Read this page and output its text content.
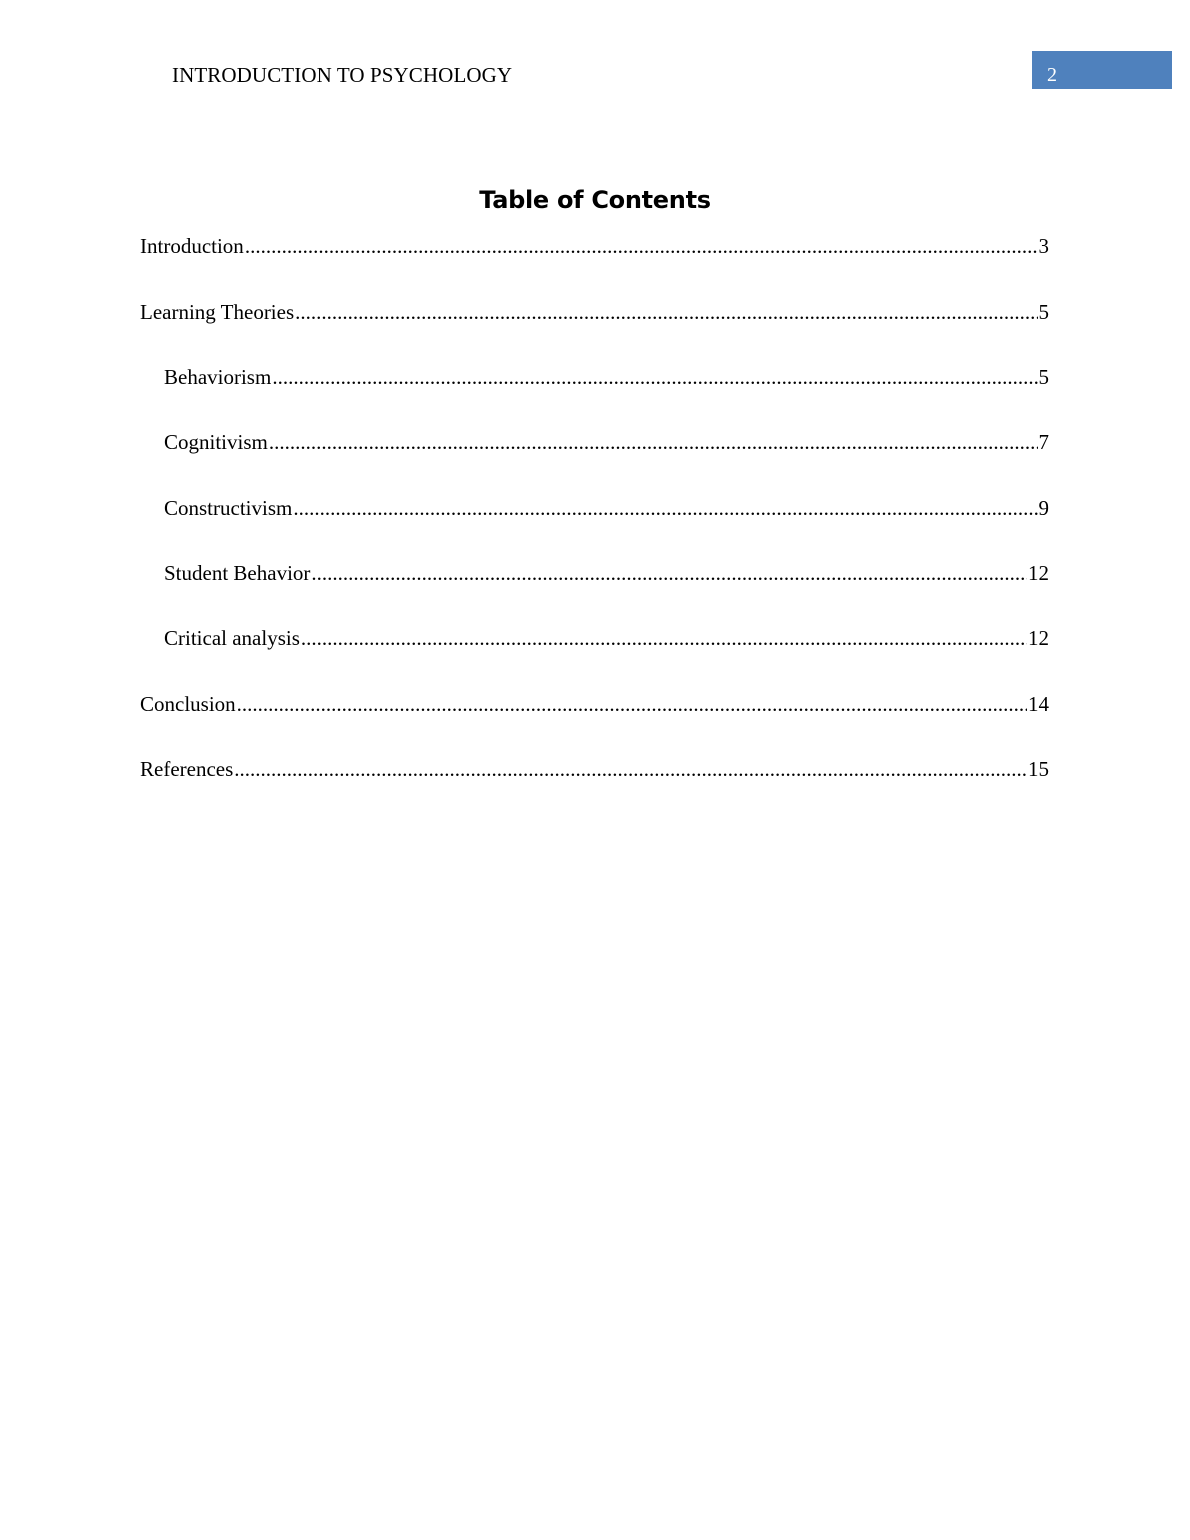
INTRODUCTION TO PSYCHOLOGY	2
Table of Contents
Introduction .....	3
Learning Theories .....	5
Behaviorism .....	5
Cognitivism .....	7
Constructivism .....	9
Student Behavior .....	12
Critical analysis .....	12
Conclusion .....	14
References .....	15
